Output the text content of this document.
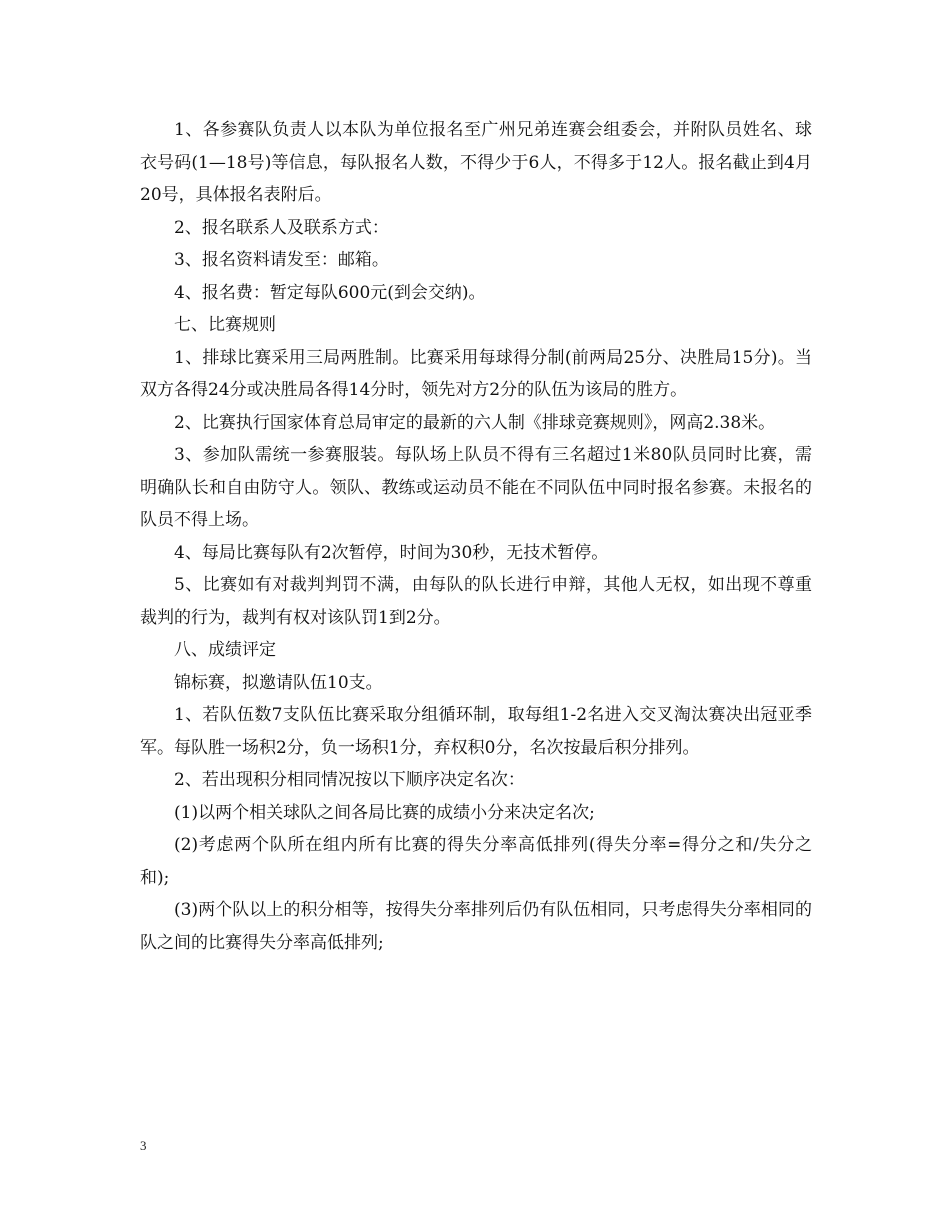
1、各参赛队负责人以本队为单位报名至广州兄弟连赛会组委会，并附队员姓名、球衣号码(1—18号)等信息，每队报名人数，不得少于6人，不得多于12人。报名截止到4月20号，具体报名表附后。

2、报名联系人及联系方式：

3、报名资料请发至：邮箱。

4、报名费：暂定每队600元(到会交纳)。

七、比赛规则

1、排球比赛采用三局两胜制。比赛采用每球得分制(前两局25分、决胜局15分)。当双方各得24分或决胜局各得14分时，领先对方2分的队伍为该局的胜方。

2、比赛执行国家体育总局审定的最新的六人制《排球竞赛规则》，网高2.38米。

3、参加队需统一参赛服装。每队场上队员不得有三名超过1米80队员同时比赛，需明确队长和自由防守人。领队、教练或运动员不能在不同队伍中同时报名参赛。未报名的队员不得上场。

4、每局比赛每队有2次暂停，时间为30秒，无技术暂停。

5、比赛如有对裁判判罚不满，由每队的队长进行申辩，其他人无权，如出现不尊重裁判的行为，裁判有权对该队罚1到2分。

八、成绩评定

锦标赛，拟邀请队伍10支。

1、若队伍数7支队伍比赛采取分组循环制，取每组1-2名进入交叉淘汰赛决出冠亚季军。每队胜一场积2分，负一场积1分，弃权积0分，名次按最后积分排列。

2、若出现积分相同情况按以下顺序决定名次：

(1)以两个相关球队之间各局比赛的成绩小分来决定名次;

(2)考虑两个队所在组内所有比赛的得失分率高低排列(得失分率=得分之和/失分之和);

(3)两个队以上的积分相等，按得失分率排列后仍有队伍相同，只考虑得失分率相同的队之间的比赛得失分率高低排列;

3
